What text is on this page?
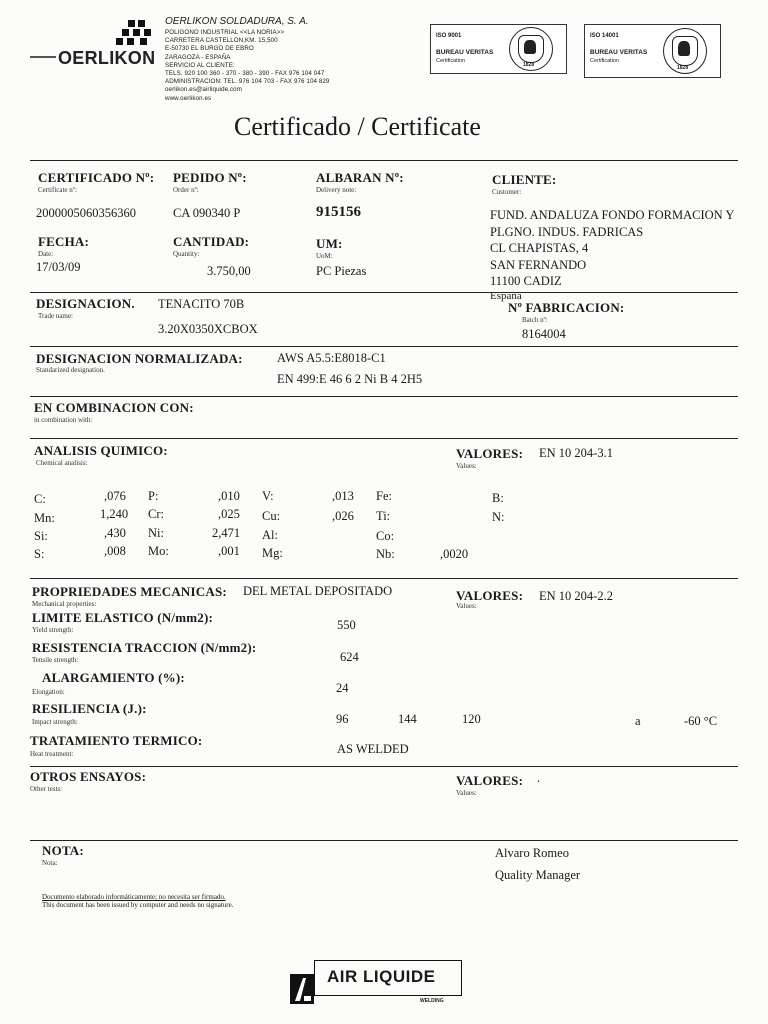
OERLIKON
OERLIKON SOLDADURA, S. A.
POLIGONO INDUSTRIAL <<LA NORIA>>
CARRETERA CASTELLON,KM. 15,500
E-50730 EL BURGO DE EBRO
ZARAGOZA - ESPAÑA
SERVICIO AL CLIENTE:
TELS. 920 100 360 - 370 - 380 - 390 - FAX 976 104 047
ADMINISTRACION: TEL. 976 104 703 - FAX 976 104 829
oerlikon.es@airliquide.com
www.oerlikon.es
ISO 9001
BUREAU VERITAS
Certification
1828
ISO 14001
BUREAU VERITAS
Certification
1828
Certificado / Certificate
CERTIFICADO Nº:
Certificate nº:
2000005060356360
PEDIDO Nº:
Order nº:
CA 090340 P
ALBARAN Nº:
Delivery note:
915156
CLIENTE:
Customer:
FUND. ANDALUZA FONDO FORMACION Y
PLGNO. INDUS. FADRICAS
CL CHAPISTAS, 4
SAN FERNANDO
11100 CADIZ
España
FECHA:
Date:
17/03/09
CANTIDAD:
Quantity:
3.750,00
UM:
UoM:
PC Piezas
DESIGNACION.
Trade name:
TENACITO 70B
3.20X0350XCBOX
Nº FABRICACION:
Batch nº:
8164004
DESIGNACION NORMALIZADA:
Standarized designation.
AWS A5.5:E8018-C1
EN 499:E 46 6 2 Ni B 4 2H5
EN COMBINACION CON:
in combination with:
ANALISIS QUIMICO:
Chemical analisis:
VALORES:
Values:
EN 10 204-3.1
C:	,076 P:	,010 V:	,013 Fe:	B:
Mn:	1,240 Cr:	,025 Cu:	,026 Ti:	N:
Si:	,430 Ni:	2,471 Al:	Co:
S:	,008 Mo:	,001 Mg:	Nb:	,0020
PROPRIEDADES MECANICAS: DEL METAL DEPOSITADO
Mechanical properties:
VALORES:
Values:
EN 10 204-2.2
LIMITE ELASTICO (N/mm2):
Yield strength:	550
RESISTENCIA TRACCION (N/mm2):
Tensile strength:	624
ALARGAMIENTO (%):
Elongation:	24
RESILIENCIA (J.):
Impact strength:	96	144	120	a	-60 °C
TRATAMIENTO TERMICO:
Heat treatment:	AS WELDED
OTROS ENSAYOS:
Other tests:
VALORES:
Values:
.
NOTA:
Nota:
Alvaro Romeo
Quality Manager
Documento elaborado informáticamente; no necesita ser firmado.
This document has been issued by computer and needs no signature.
AIR LIQUIDE
WELDING
